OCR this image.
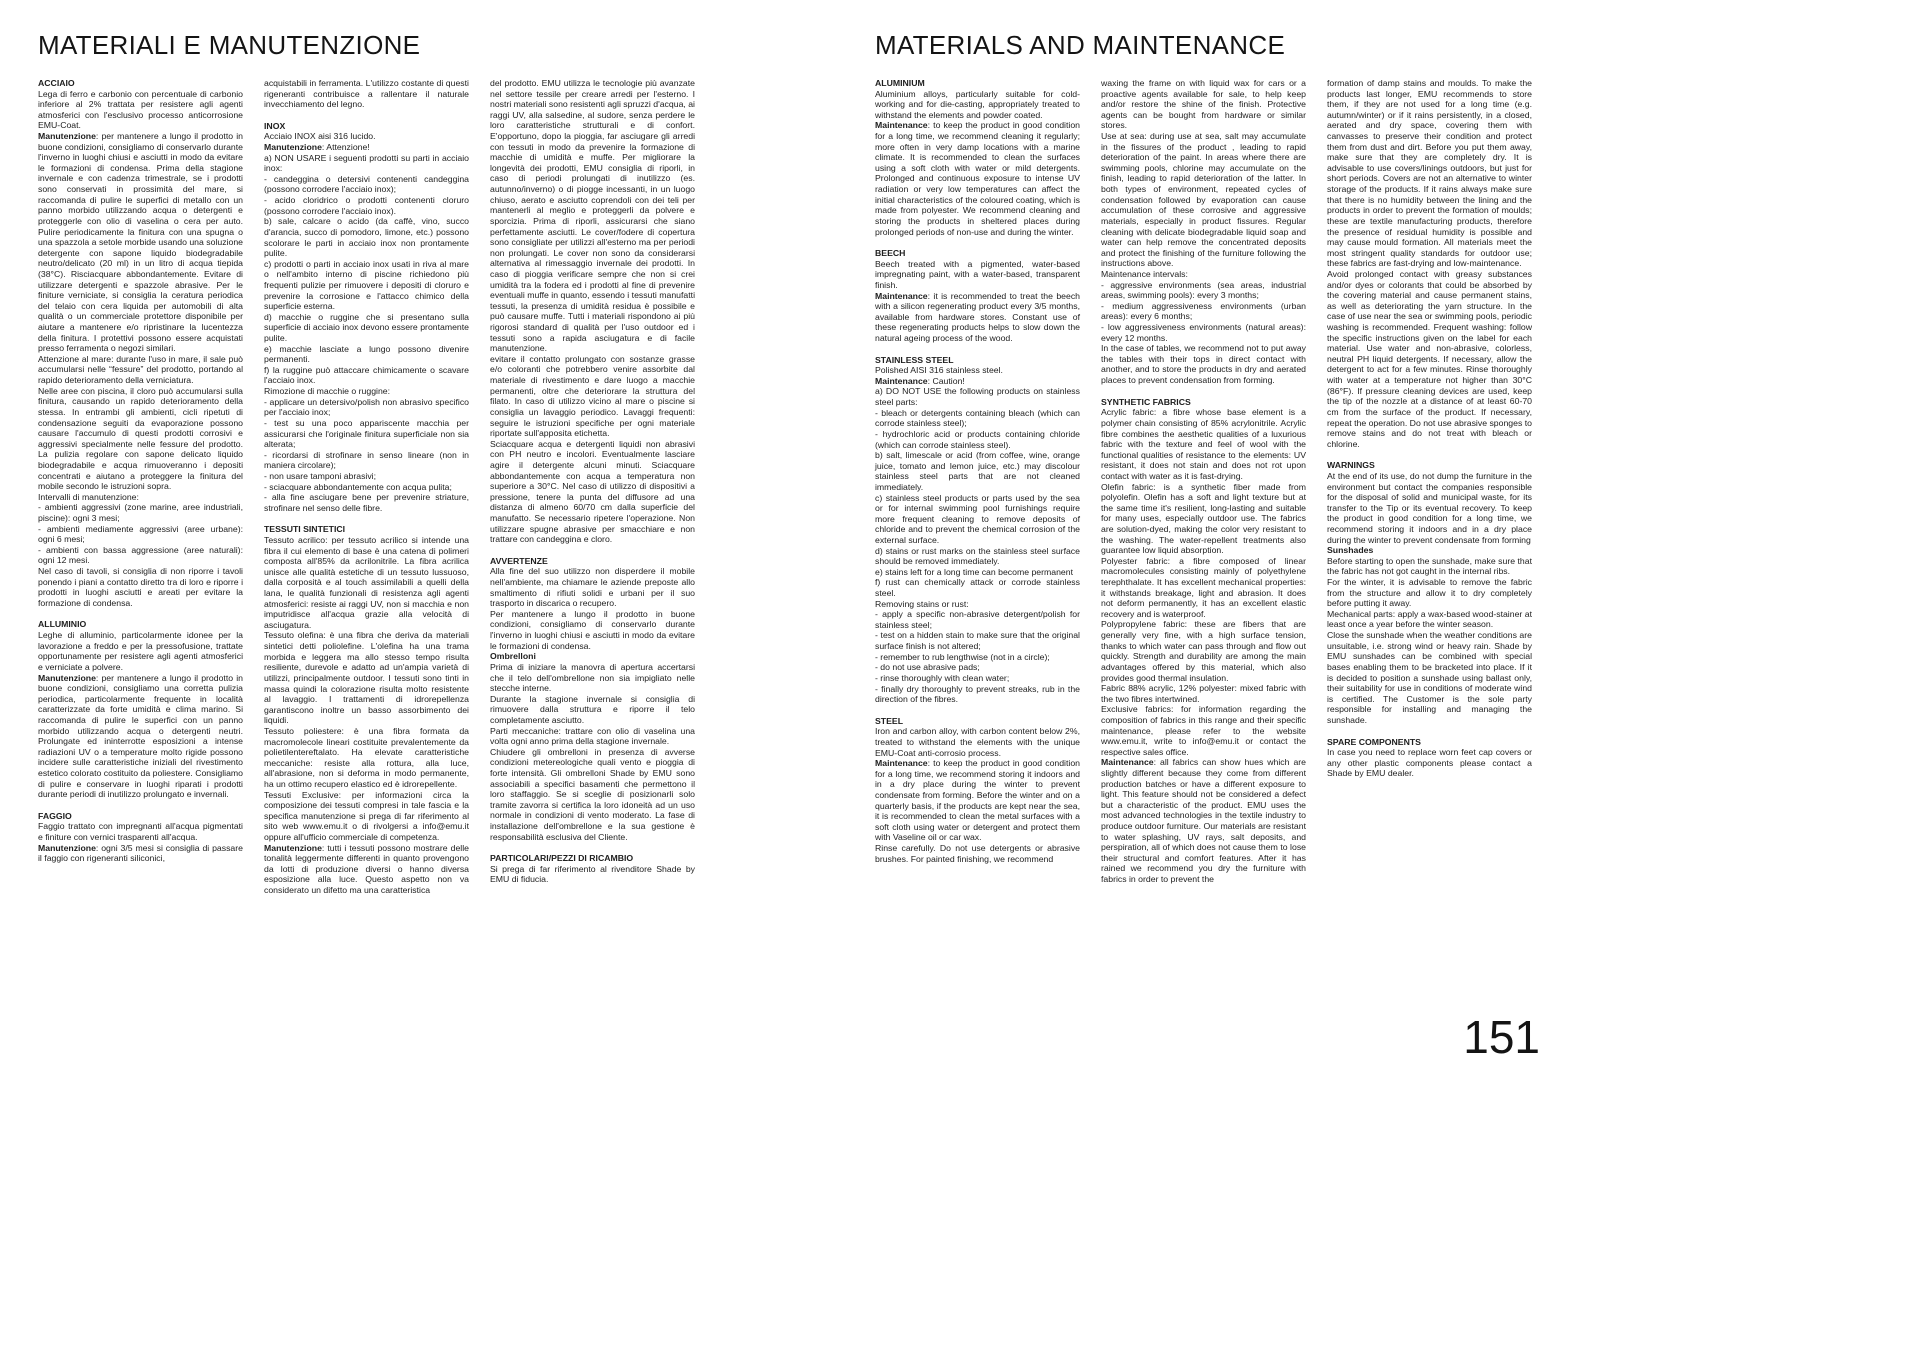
MATERIALI E MANUTENZIONE
ACCIAIO

Lega di ferro e carbonio con percentuale di carbonio inferiore al 2% trattata per resistere agli agenti atmosferici con l'esclusivo processo anticorrosione EMU-Coat.

Manutenzione: per mantenere a lungo il prodotto in buone condizioni, consigliamo di conservarlo durante l'inverno in luoghi chiusi e asciutti in modo da evitare le formazioni di condensa. Prima della stagione invernale e con cadenza trimestrale, se i prodotti sono conservati in prossimità del mare, si raccomanda di pulire le superfici di metallo con un panno morbido utilizzando acqua o detergenti e proteggerle con olio di vaselina o cera per auto. Pulire periodicamente la finitura con una spugna o una spazzola a setole morbide usando una soluzione detergente con sapone liquido biodegradabile neutro/delicato (20 ml) in un litro di acqua tiepida (38°C). Risciacquare abbondantemente. Evitare di utilizzare detergenti e spazzole abrasive. Per le finiture verniciate, si consiglia la ceratura periodica del telaio con cera liquida per automobili di alta qualità o un commerciale protettore disponibile per aiutare a mantenere e/o ripristinare la lucentezza della finitura. I protettivi possono essere acquistati presso ferramenta o negozi similari.

Attenzione al mare: durante l'uso in mare, il sale può accumularsi nelle “fessure” del prodotto, portando al rapido deterioramento della verniciatura.

Nelle aree con piscina, il cloro può accumularsi sulla finitura, causando un rapido deterioramento della stessa. In entrambi gli ambienti, cicli ripetuti di condensazione seguiti da evaporazione possono causare l'accumulo di questi prodotti corrosivi e aggressivi specialmente nelle fessure del prodotto. La pulizia regolare con sapone delicato liquido biodegradabile e acqua rimuoveranno i depositi concentrati e aiutano a proteggere la finitura del mobile secondo le istruzioni sopra.

Intervalli di manutenzione:

- ambienti aggressivi (zone marine, aree industriali, piscine): ogni 3 mesi;

- ambienti mediamente aggressivi (aree urbane): ogni 6 mesi;

- ambienti con bassa aggressione (aree naturali): ogni 12 mesi.

Nel caso di tavoli, si consiglia di non riporre i tavoli ponendo i piani a contatto diretto tra di loro e riporre i prodotti in luoghi asciutti e areati per evitare la formazione di condensa.

ALLUMINIO

Leghe di alluminio, particolarmente idonee per la lavorazione a freddo e per la pressofusione, trattate opportunamente per resistere agli agenti atmosferici e verniciate a polvere.

Manutenzione: per mantenere a lungo il prodotto in buone condizioni, consigliamo una corretta pulizia periodica, particolarmente frequente in località caratterizzate da forte umidità e clima marino. Si raccomanda di pulire le superfici con un panno morbido utilizzando acqua o detergenti neutri. Prolungate ed ininterrotte esposizioni a intense radiazioni UV o a temperature molto rigide possono incidere sulle caratteristiche iniziali del rivestimento estetico colorato costituito da poliestere. Consigliamo di pulire e conservare in luoghi riparati i prodotti durante periodi di inutilizzo prolungato e invernali.

FAGGIO

Faggio trattato con impregnanti all'acqua pigmentati e finiture con vernici trasparenti all'acqua.

Manutenzione: ogni 3/5 mesi si consiglia di passare il faggio con rigeneranti siliconici,

acquistabili in ferramenta. L'utilizzo costante di questi rigeneranti contribuisce a rallentare il naturale invecchiamento del legno.

INOX

Acciaio INOX aisi 316 lucido.

Manutenzione: Attenzione!

a) NON USARE i seguenti prodotti su parti in acciaio inox:

- candeggina o detersivi contenenti candeggina (possono corrodere l'acciaio inox);

- acido cloridrico o prodotti contenenti cloruro (possono corrodere l'acciaio inox).

b) sale, calcare o acido (da caffè, vino, succo d'arancia, succo di pomodoro, limone, etc.) possono scolorare le parti in acciaio inox non prontamente pulite.

c) prodotti o parti in acciaio inox usati in riva al mare o nell'ambito interno di piscine richiedono più frequenti pulizie per rimuovere i depositi di cloruro e prevenire la corrosione e l'attacco chimico della superficie esterna.

d) macchie o ruggine che si presentano sulla superficie di acciaio inox devono essere prontamente pulite.

e) macchie lasciate a lungo possono divenire permanenti.

f) la ruggine può attaccare chimicamente o scavare l'acciaio inox.

Rimozione di macchie o ruggine:

- applicare un detersivo/polish non abrasivo specifico per l'acciaio inox;

- test su una poco appariscente macchia per assicurarsi che l'originale finitura superficiale non sia alterata;

- ricordarsi di strofinare in senso lineare (non in maniera circolare);

- non usare tamponi abrasivi;

- sciacquare abbondantemente con acqua pulita;

- alla fine asciugare bene per prevenire striature, strofinare nel senso delle fibre.

TESSUTI SINTETICI

Tessuto acrilico: per tessuto acrilico si intende una fibra il cui elemento di base è una catena di polimeri composta all'85% da acrilonitrile. La fibra acrilica unisce alle qualità estetiche di un tessuto lussuoso, dalla corposità e al touch assimilabili a quelli della lana, le qualità funzionali di resistenza agli agenti atmosferici: resiste ai raggi UV, non si macchia e non imputridisce all'acqua grazie alla velocità di asciugatura.

Tessuto olefina: è una fibra che deriva da materiali sintetici detti poliolefine. L'olefina ha una trama morbida e leggera ma allo stesso tempo risulta resiliente, durevole e adatto ad un'ampia varietà di utilizzi, principalmente outdoor. I tessuti sono tinti in massa quindi la colorazione risulta molto resistente al lavaggio. I trattamenti di idrorepellenza garantiscono inoltre un basso assorbimento dei liquidi.

Tessuto poliestere: è una fibra formata da macromolecole lineari costituite prevalentemente da polietilentereftalato. Ha elevate caratteristiche meccaniche: resiste alla rottura, alla luce, all'abrasione, non si deforma in modo permanente, ha un ottimo recupero elastico ed è idrorepellente.

Tessuti Exclusive: per informazioni circa la composizione dei tessuti compresi in tale fascia e la specifica manutenzione si prega di far riferimento al sito web www.emu.it o di rivolgersi a info@emu.it oppure all'ufficio commerciale di competenza.

Manutenzione: tutti i tessuti possono mostrare delle tonalità leggermente differenti in quanto provengono da lotti di produzione diversi o hanno diversa esposizione alla luce. Questo aspetto non va considerato un difetto ma una caratteristica

del prodotto. EMU utilizza le tecnologie più avanzate nel settore tessile per creare arredi per l'esterno. I nostri materiali sono resistenti agli spruzzi d'acqua, ai raggi UV, alla salsedine, al sudore, senza perdere le loro caratteristiche strutturali e di confort. E'opportuno, dopo la pioggia, far asciugare gli arredi con tessuti in modo da prevenire la formazione di macchie di umidità e muffe. Per migliorare la longevità dei prodotti, EMU consiglia di riporli, in caso di periodi prolungati di inutilizzo (es. autunno/inverno) o di piogge incessanti, in un luogo chiuso, aerato e asciutto coprendoli con dei teli per mantenerli al meglio e proteggerli da polvere e sporcizia. Prima di riporli, assicurarsi che siano perfettamente asciutti. Le cover/fodere di copertura sono consigliate per utilizzi all'esterno ma per periodi non prolungati. Le cover non sono da considerarsi alternativa al rimessaggio invernale dei prodotti. In caso di pioggia verificare sempre che non si crei umidità tra la fodera ed i prodotti al fine di prevenire eventuali muffe in quanto, essendo i tessuti manufatti tessuti, la presenza di umidità residua è possibile e può causare muffe. Tutti i materiali rispondono ai più rigorosi standard di qualità per l'uso outdoor ed i tessuti sono a rapida asciugatura e di facile manutenzione.

evitare il contatto prolungato con sostanze grasse e/o coloranti che potrebbero venire assorbite dal materiale di rivestimento e dare luogo a macchie permanenti, oltre che deteriorare la struttura del filato. In caso di utilizzo vicino al mare o piscine si consiglia un lavaggio periodico. Lavaggi frequenti: seguire le istruzioni specifiche per ogni materiale riportate sull'apposita etichetta.

Sciacquare acqua e detergenti liquidi non abrasivi con PH neutro e incolori. Eventualmente lasciare agire il detergente alcuni minuti. Sciacquare abbondantemente con acqua a temperatura non superiore a 30°C. Nel caso di utilizzo di dispositivi a pressione, tenere la punta del diffusore ad una distanza di almeno 60/70 cm dalla superficie del manufatto. Se necessario ripetere l'operazione. Non utilizzare spugne abrasive per smacchiare e non trattare con candeggina e cloro.

AVVERTENZE

Alla fine del suo utilizzo non disperdere il mobile nell'ambiente, ma chiamare le aziende preposte allo smaltimento di rifiuti solidi e urbani per il suo trasporto in discarica o recupero.

Per mantenere a lungo il prodotto in buone condizioni, consigliamo di conservarlo durante l'inverno in luoghi chiusi e asciutti in modo da evitare le formazioni di condensa.

Ombrelloni

Prima di iniziare la manovra di apertura accertarsi che il telo dell'ombrellone non sia impigliato nelle stecche interne.

Durante la stagione invernale si consiglia di rimuovere dalla struttura e riporre il telo completamente asciutto.

Parti meccaniche: trattare con olio di vaselina una volta ogni anno prima della stagione invernale.

Chiudere gli ombrelloni in presenza di avverse condizioni metereologiche quali vento e pioggia di forte intensità. Gli ombrelloni Shade by EMU sono associabili a specifici basamenti che permettono il loro staffaggio. Se si sceglie di posizionarli solo tramite zavorra si certifica la loro idoneità ad un uso normale in condizioni di vento moderato. La fase di installazione dell'ombrellone e la sua gestione è responsabilità esclusiva del Cliente.

PARTICOLARI/PEZZI DI RICAMBIO

Si prega di far riferimento al rivenditore Shade by EMU di fiducia.

MATERIALS AND MAINTENANCE
ALUMINIUM

Aluminium alloys, particularly suitable for cold-working and for die-casting, appropriately treated to withstand the elements and powder coated.

Maintenance: to keep the product in good condition for a long time, we recommend cleaning it regularly; more often in very damp locations with a marine climate. It is recommended to clean the surfaces using a soft cloth with water or mild detergents. Prolonged and continuous exposure to intense UV radiation or very low temperatures can affect the initial characteristics of the coloured coating, which is made from polyester. We recommend cleaning and storing the products in sheltered places during prolonged periods of non-use and during the winter.

BEECH

Beech treated with a pigmented, water-based impregnating paint, with a water-based, transparent finish.

Maintenance: it is recommended to treat the beech with a silicon regenerating product every 3/5 months, available from hardware stores. Constant use of these regenerating products helps to slow down the natural ageing process of the wood.

STAINLESS STEEL

Polished AISI 316 stainless steel.

Maintenance: Caution!

a) DO NOT USE the following products on stainless steel parts:

- bleach or detergents containing bleach (which can corrode stainless steel);

- hydrochloric acid or products containing chloride (which can corrode stainless steel).

b) salt, limescale or acid (from coffee, wine, orange juice, tomato and lemon juice, etc.) may discolour stainless steel parts that are not cleaned immediately.

c) stainless steel products or parts used by the sea or for internal swimming pool furnishings require more frequent cleaning to remove deposits of chloride and to prevent the chemical corrosion of the external surface.

d) stains or rust marks on the stainless steel surface should be removed immediately.

e) stains left for a long time can become permanent

f) rust can chemically attack or corrode stainless steel.

Removing stains or rust:

- apply a specific non-abrasive detergent/polish for stainless steel;

- test on a hidden stain to make sure that the original surface finish is not altered;

- remember to rub lengthwise (not in a circle);

- do not use abrasive pads;

- rinse thoroughly with clean water;

- finally dry thoroughly to prevent streaks, rub in the direction of the fibres.

STEEL

Iron and carbon alloy, with carbon content below 2%, treated to withstand the elements with the unique EMU-Coat anti-corrosio process.

Maintenance: to keep the product in good condition for a long time, we recommend storing it indoors and in a dry place during the winter to prevent condensate from forming. Before the winter and on a quarterly basis, if the products are kept near the sea, it is recommended to clean the metal surfaces with a soft cloth using water or detergent and protect them with Vaseline oil or car wax.

Rinse carefully. Do not use detergents or abrasive brushes. For painted finishing, we recommend

waxing the frame on with liquid wax for cars or a proactive agents available for sale, to help keep and/or restore the shine of the finish. Protective agents can be bought from hardware or similar stores.

Use at sea: during use at sea, salt may accumulate in the fissures of the product , leading to rapid deterioration of the paint. In areas where there are swimming pools, chlorine may accumulate on the finish, leading to rapid deterioration of the latter. In both types of environment, repeated cycles of condensation followed by evaporation can cause accumulation of these corrosive and aggressive materials, especially in product fissures. Regular cleaning with delicate biodegradable liquid soap and water can help remove the concentrated deposits and protect the finishing of the furniture following the instructions above.

Maintenance intervals:

- aggressive environments (sea areas, industrial areas, swimming pools): every 3 months;

- medium aggressiveness environments (urban areas): every 6 months;

- low aggressiveness environments (natural areas): every 12 months.

In the case of tables, we recommend not to put away the tables with their tops in direct contact with another, and to store the products in dry and aerated places to prevent condensation from forming.

SYNTHETIC FABRICS

Acrylic fabric: a fibre whose base element is a polymer chain consisting of 85% acrylonitrile. Acrylic fibre combines the aesthetic qualities of a luxurious fabric with the texture and feel of wool with the functional qualities of resistance to the elements: UV resistant, it does not stain and does not rot upon contact with water as it is fast-drying.

Olefin fabric: is a synthetic fiber made from polyolefin. Olefin has a soft and light texture but at the same time it's resilient, long-lasting and suitable for many uses, especially outdoor use. The fabrics are solution-dyed, making the color very resistant to the washing. The water-repellent treatments also guarantee low liquid absorption.

Polyester fabric: a fibre composed of linear macromolecules consisting mainly of polyethylene terephthalate. It has excellent mechanical properties: it withstands breakage, light and abrasion. It does not deform permanently, it has an excellent elastic recovery and is waterproof.

Polypropylene fabric: these are fibers that are generally very fine, with a high surface tension, thanks to which water can pass through and flow out quickly. Strength and durability are among the main advantages offered by this material, which also provides good thermal insulation.

Fabric 88% acrylic, 12% polyester: mixed fabric with the two fibres intertwined.

Exclusive fabrics: for information regarding the composition of fabrics in this range and their specific maintenance, please refer to the website www.emu.it, write to info@emu.it or contact the respective sales office.

Maintenance: all fabrics can show hues which are slightly different because they come from different production batches or have a different exposure to light. This feature should not be considered a defect but a characteristic of the product. EMU uses the most advanced technologies in the textile industry to produce outdoor furniture. Our materials are resistant to water splashing, UV rays, salt deposits, and perspiration, all of which does not cause them to lose their structural and comfort features. After it has rained we recommend you dry the furniture with fabrics in order to prevent the

formation of damp stains and moulds. To make the products last longer, EMU recommends to store them, if they are not used for a long time (e.g. autumn/winter) or if it rains persistently, in a closed, aerated and dry space, covering them with canvasses to preserve their condition and protect them from dust and dirt. Before you put them away, make sure that they are completely dry. It is advisable to use covers/linings outdoors, but just for short periods. Covers are not an alternative to winter storage of the products. If it rains always make sure that there is no humidity between the lining and the products in order to prevent the formation of moulds; these are textile manufacturing products, therefore the presence of residual humidity is possible and may cause mould formation. All materials meet the most stringent quality standards for outdoor use; these fabrics are fast-drying and low-maintenance.

Avoid prolonged contact with greasy substances and/or dyes or colorants that could be absorbed by the covering material and cause permanent stains, as well as deteriorating the yarn structure. In the case of use near the sea or swimming pools, periodic washing is recommended. Frequent washing: follow the specific instructions given on the label for each material. Use water and non-abrasive, colorless, neutral PH liquid detergents. If necessary, allow the detergent to act for a few minutes. Rinse thoroughly with water at a temperature not higher than 30°C (86°F). If pressure cleaning devices are used, keep the tip of the nozzle at a distance of at least 60-70 cm from the surface of the product. If necessary, repeat the operation. Do not use abrasive sponges to remove stains and do not treat with bleach or chlorine.

WARNINGS

At the end of its use, do not dump the furniture in the environment but contact the companies responsible for the disposal of solid and municipal waste, for its transfer to the Tip or its eventual recovery. To keep the product in good condition for a long time, we recommend storing it indoors and in a dry place during the winter to prevent condensate from forming

Sunshades

Before starting to open the sunshade, make sure that the fabric has not got caught in the internal ribs.

For the winter, it is advisable to remove the fabric from the structure and allow it to dry completely before putting it away.

Mechanical parts: apply a wax-based wood-stainer at least once a year before the winter season.

Close the sunshade when the weather conditions are unsuitable, i.e. strong wind or heavy rain. Shade by EMU sunshades can be combined with special bases enabling them to be bracketed into place. If it is decided to position a sunshade using ballast only, their suitability for use in conditions of moderate wind is certified. The Customer is the sole party responsible for installing and managing the sunshade.

SPARE COMPONENTS

In case you need to replace worn feet cap covers or any other plastic components please contact a Shade by EMU dealer.

151
